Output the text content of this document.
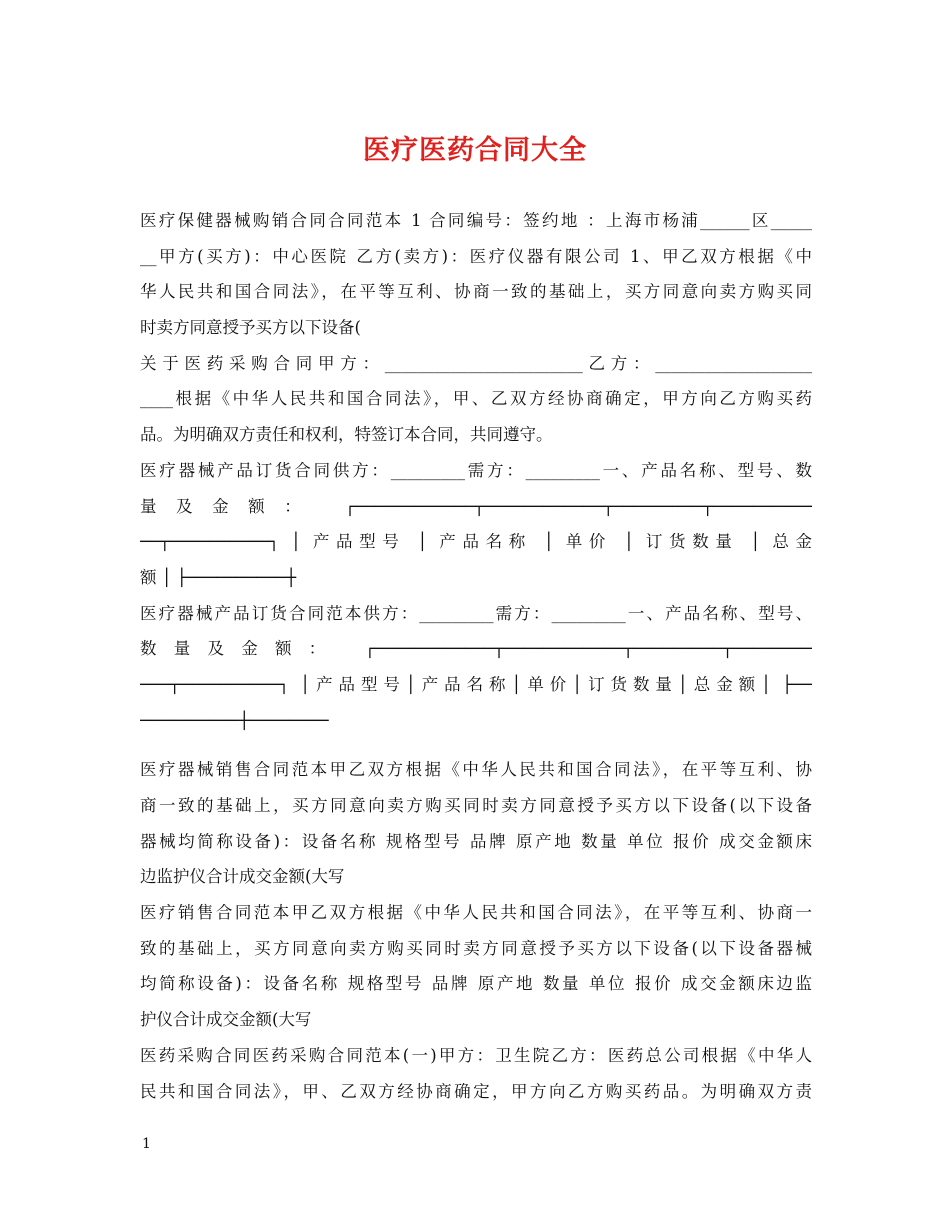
医疗医药合同大全
医疗保健器械购销合同合同范本 1 合同编号：签约地 ：上海市杨浦______区_____
__甲方(买方)：中心医院 乙方(卖方)：医疗仪器有限公司 1、甲乙双方根据《中
华人民共和国合同法》，在平等互利、协商一致的基础上，买方同意向卖方购买同
时卖方同意授予买方以下设备(
关于医药采购合同甲方：________________________乙方：___________________
____根据《中华人民共和国合同法》，甲、乙双方经协商确定，甲方向乙方购买药
品。为明确双方责任和权利，特签订本合同，共同遵守。
医疗器械产品订货合同供方：_________需方：_________一、产品名称、型号、数
量及金额： ┌────────────┬────────────┬─────────┬──────────
──┬──────────┐ │ 产品型号 │ 产品名称 │ 单价 │ 订货数量 │ 总金
额 │ ├──────────┼
医疗器械产品订货合同范本供方：_________需方：_________一、产品名称、型号、
数量及金额： ┌────────────┬────────────┬─────────┬────────
───┬──────────┐ │产品型号│产品名称│单价│订货数量│总金额│ ├──
──────────┼────────
医疗器械销售合同范本甲乙双方根据《中华人民共和国合同法》，在平等互利、协
商一致的基础上，买方同意向卖方购买同时卖方同意授予买方以下设备(以下设备
器械均简称设备)：设备名称 规格型号 品牌 原产地 数量 单位 报价 成交金额床
边监护仪合计成交金额(大写
医疗销售合同范本甲乙双方根据《中华人民共和国合同法》，在平等互利、协商一
致的基础上，买方同意向卖方购买同时卖方同意授予买方以下设备(以下设备器械
均简称设备)：设备名称 规格型号 品牌 原产地 数量 单位 报价 成交金额床边监
护仪合计成交金额(大写
医药采购合同医药采购合同范本(一)甲方：卫生院乙方：医药总公司根据《中华人
民共和国合同法》，甲、乙双方经协商确定，甲方向乙方购买药品。为明确双方责
1
